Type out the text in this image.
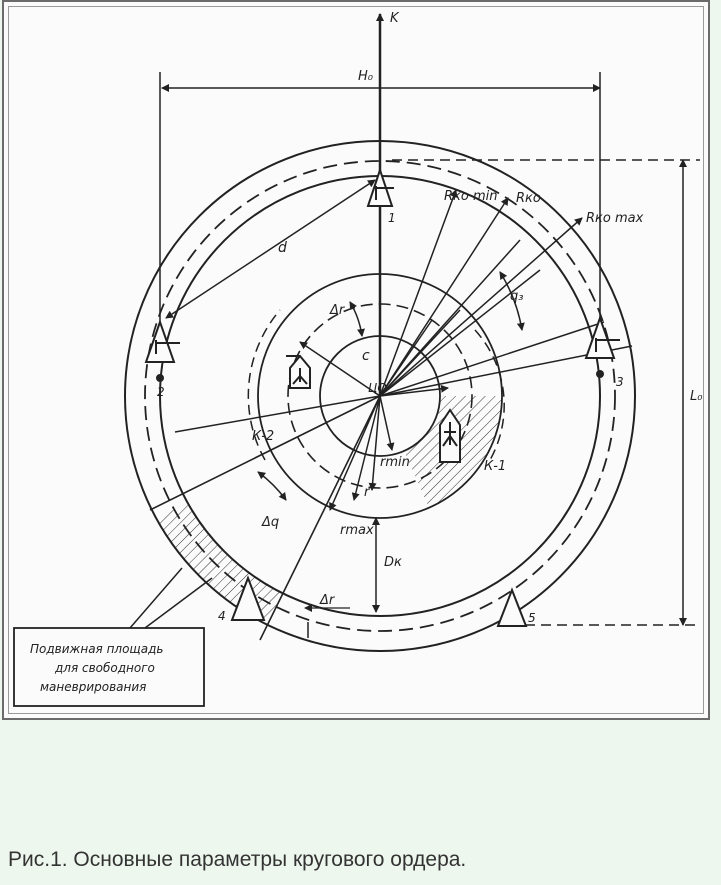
K
H₀
L₀
d
Rко min Rко
Rко max
q₃
Δr
c
ЦО
К-2
К-1
rmin
r
rmax
Dк
Δq
Δr
1
2
3
4	5
Подвижная площадь
для свободного
маневрирования

Рис.1. Основные параметры кругового ордера.
